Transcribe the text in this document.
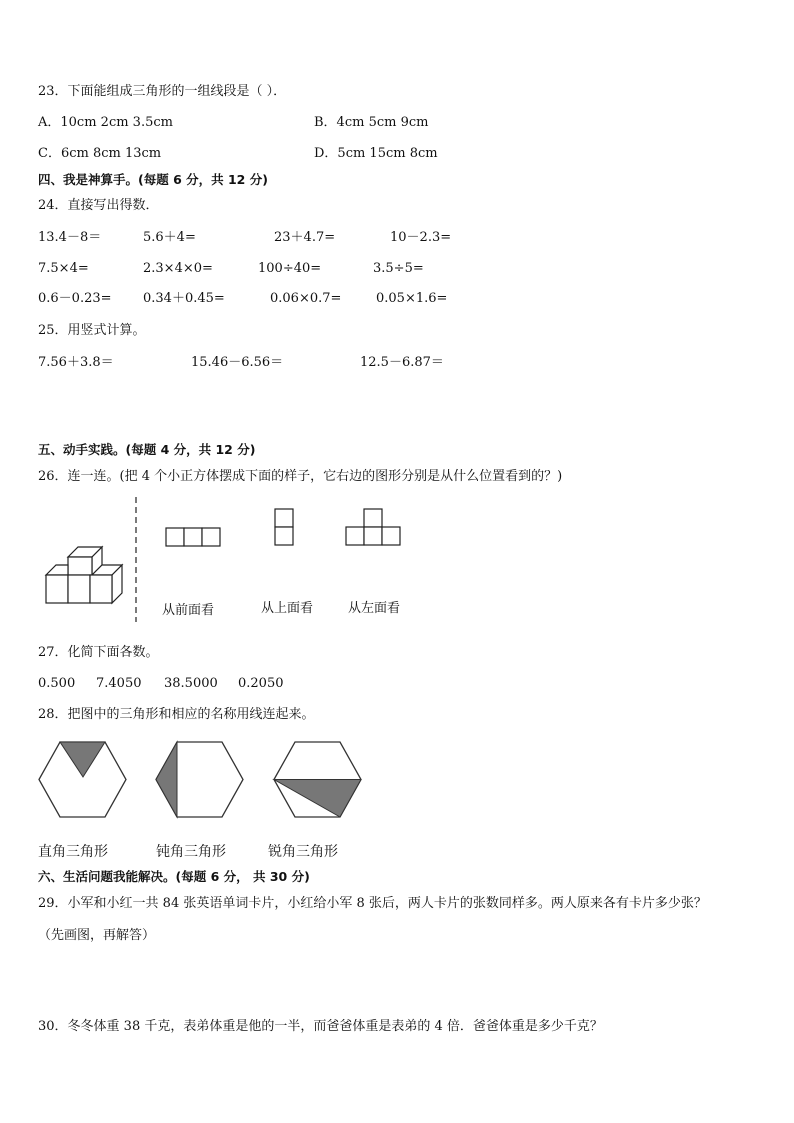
23．下面能组成三角形的一组线段是（ ）．
A．10cm 2cm 3.5cm	B．4cm 5cm 9cm
C．6cm 8cm 13cm	D．5cm 15cm 8cm
四、我是神算手。(每题 6 分，共 12 分)
24．直接写出得数．
13.4－8＝	5.6＋4=	23＋4.7=	10－2.3=
7.5×4=	2.3×4×0=	100÷40=	3.5÷5=
0.6－0.23= 0.34＋0.45=	0.06×0.7=	0.05×1.6=
25．用竖式计算。
7.56＋3.8＝	15.46－6.56＝	12.5－6.87＝
五、动手实践。(每题 4 分，共 12 分)
26．连一连。(把 4 个小正方体摆成下面的样子，它右边的图形分别是从什么位置看到的？)
从前面看	从上面看	从左面看
27．化简下面各数。
0.500 7.4050 38.5000 0.2050
28．把图中的三角形和相应的名称用线连起来。
直角三角形	钝角三角形	锐角三角形
六、生活问题我能解决。(每题 6 分， 共 30 分)
29．小军和小红一共 84 张英语单词卡片，小红给小军 8 张后，两人卡片的张数同样多。两人原来各有卡片多少张？
（先画图，再解答）
30．冬冬体重 38 千克，表弟体重是他的一半，而爸爸体重是表弟的 4 倍．爸爸体重是多少千克？
